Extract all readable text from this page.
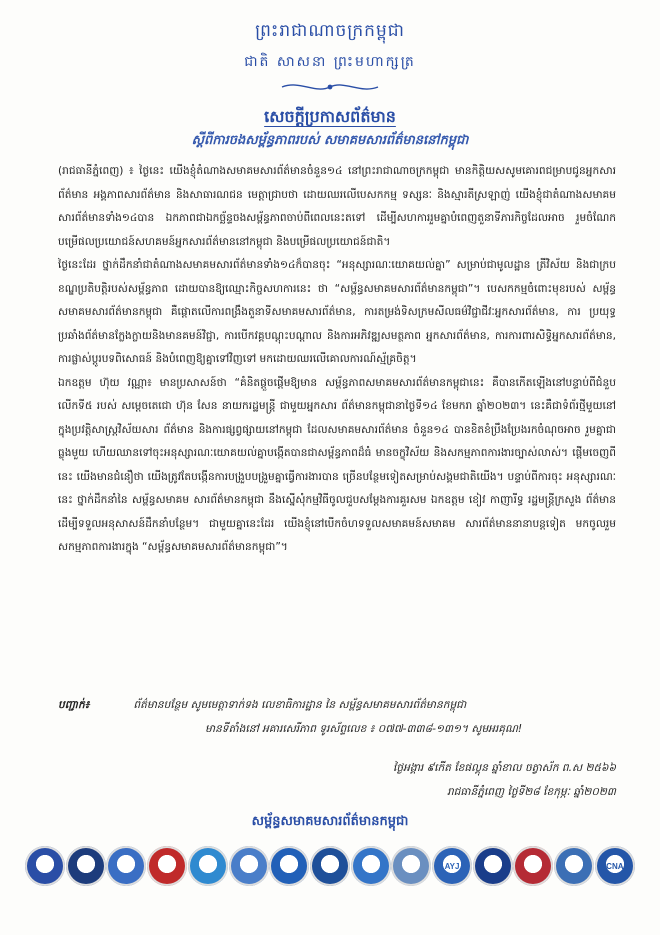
ព្រះរាជាណាចក្រកម្ពុជា
ជាតិ សាសនា ព្រះមហាក្សត្រ
សេចក្តីប្រកាសព័ត៌មាន
ស្តីពីការចងសម្ព័ន្ធភាពរបស់ សមាគមសារព័ត៌មាននៅកម្ពុជា

(រាជធានីភ្នំពេញ) ៖ ថ្ងៃនេះ យើងខ្ញុំតំណាងសមាគមសារព័ត៌មានចំនួន១៤ នៅព្រះរាជាណាចក្រកម្ពុជា មានកិត្តិយសសូមគោរពជម្រាបជូនអ្នកសារព័ត៌មាន អង្គភាពសារព័ត៌មាន និងសាធារណជន មេត្តាជ្រាបថា ដោយឈរលើបេសកកម្ម ទស្សនៈ និងស្មារតីស្រឡាញ់ យើងខ្ញុំជាតំណាងសមាគមសារព័ត៌មានទាំង១៤បាន ឯកភាពជាឯកច្ឆ័ន្ទចងសម្ព័ន្ធភាពចាប់ពីពេលនេះតទៅ ដើម្បីសហការរួមគ្នាបំពេញតួនាទីភារកិច្ចដែលអាច រួមចំណែកបម្រើផលប្រយោជន៍សហគមន៍អ្នកសារព័ត៌មាននៅកម្ពុជា និងបម្រើផលប្រយោជន៍ជាតិ។

ថ្ងៃនេះដែរ ថ្នាក់ដឹកនាំជាតំណាងសមាគមសារព័ត៌មានទាំង១៤ក៏បានចុះ “អនុស្សារណៈយោគយល់គ្នា” សម្រាប់ជាមូលដ្ឋាន ត្រីវិស័យ និងជាក្របខណ្ឌប្រតិបត្តិរបស់សម្ព័ន្ធភាព ដោយបានឱ្យឈ្មោះកិច្ចសហការនេះ ថា “សម្ព័ន្ធសមាគមសារព័ត៌មានកម្ពុជា”។ បេសកកម្មចំពោះមុខរបស់ សម្ព័ន្ធសមាគមសារព័ត៌មានកម្ពុជា គឺផ្តោតលើការពង្រឹងតួនាទីសមាគមសារព័ត៌មាន, ការតម្រង់ទិសក្រមសីលធម៌វិជ្ជាជីវៈអ្នកសារព័ត៌មាន, ការ ប្រយុទ្ធប្រឆាំងព័ត៌មានក្លែងក្លាយនិងមានគមន៍វិជ្ជា, ការបើកវគ្គបណ្តុះបណ្តាល និងការអភិវឌ្ឍសមត្ថភាព អ្នកសារព័ត៌មាន, ការការពារសិទ្ធិអ្នកសារព័ត៌មាន, ការផ្លាស់ប្តូរបទពិសោធន៍ និងបំពេញឱ្យគ្នាទៅវិញទៅ មកដោយឈរលើគោលការណ៍ស្ម័គ្រចិត្ត។

ឯកឧត្តម ហ៊ុយ វណ្ណា៖ មានប្រសាសន៍ថា “គំនិតផ្តួចផ្តើមឱ្យមាន សម្ព័ន្ធភាពសមាគមសារព័ត៌មានកម្ពុជានេះ គឺបានកើតឡើងនៅបន្ទាប់ពីជំនួបលើកទី៥ របស់ សម្តេចតេជោ ហ៊ុន សែន នាយករដ្ឋមន្រ្តី ជាមួយអ្នកសារ ព័ត៌មានកម្ពុជានាថ្ងៃទី១៤ ខែមករា ឆ្នាំ២០២៣។ នេះគឺជាទំព័រថ្មីមួយនៅក្នុងប្រវត្តិសាស្រ្តវិស័យសារ ព័ត៌មាន និងការផ្សព្វផ្សាយនៅកម្ពុជា ដែលសមាគមសារព័ត៌មាន ចំនួន១៤ បានខិតខំប្រឹងប្រែងរកចំណុចអាច រួមគ្នាជាធ្លុងមួយ ហើយឈានទៅចុះអនុស្សារណៈយោគយល់គ្នាបង្កើតបានជាសម្ព័ន្ធភាពដ៏ធំ មានចក្ខុវិស័យ និងសកម្មភាពការងារច្បាស់លាស់។ ផ្តើមចេញពីនេះ យើងមានជំនឿថា យើងត្រូវតែបង្កើនការបង្រួបបង្រួមគ្នាធ្វើការងារបាន ច្រើនបន្ថែមទៀតសម្រាប់សង្គមជាតិយើង។ បន្ទាប់ពីការចុះ អនុស្សារណៈនេះ ថ្នាក់ដឹកនាំនៃ សម្ព័ន្ធសមាគម សារព័ត៌មានកម្ពុជា នឹងស្នើសុំកម្មវិធីចូលជួបសម្តែងការគួរសម ឯកឧត្តម ខៀវ កាញារីទ្ធ រដ្ឋមន្រ្តីក្រសួង ព័ត៌មាន ដើម្បីទទួលអនុសាសន៍ដឹកនាំបន្ថែម។ ជាមួយគ្នានេះដែរ យើងខ្ញុំនៅបើកចំហទទួលសមាគមន៍សមាគម សារព័ត៌មាននានាបន្តទៀត មកចូលរួមសកម្មភាពការងារក្នុង “សម្ព័ន្ធសមាគមសារព័ត៌មានកម្ពុជា”។

បញ្ជាក់៖	ព័ត៌មានបន្ថែម សូមមេត្តាទាក់ទង លេខាធិការដ្ឋាន នៃ សម្ព័ន្ធសមាគមសារព័ត៌មានកម្ពុជា
មានទីតាំងនៅ អគារសេរីភាព ទូរស័ព្ទលេខ ៖ ០៧៧-៣៣៨-១៣១។ សូមអរគុណ!
ថ្ងៃអង្គារ ៩កើត ខែផល្គុន ឆ្នាំខាល ចត្វាស័ក ព.ស ២៥៦៦
រាជធានីភ្នំពេញ ថ្ងៃទី២៨ ខែកុម្ភៈ ឆ្នាំ២០២៣
សម្ព័ន្ធសមាគមសារព័ត៌មានកម្ពុជា
AYJ	CNA
